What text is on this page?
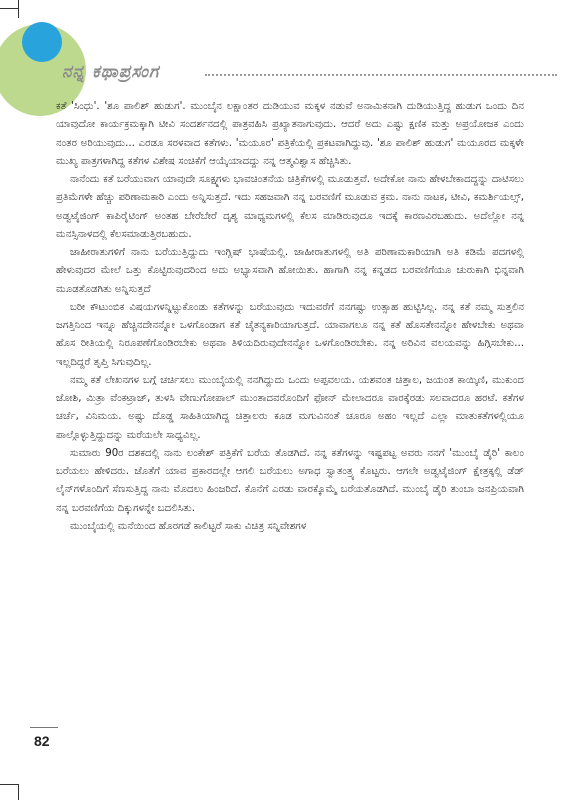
ನನ್ನ ಕಥಾಪ್ರಸಂಗ

ಕತೆ 'ಸಿಂಧು'. 'ಶೂ ಪಾಲಿಶ್ ಹುಡುಗ'. ಮುಂಬೈನ ಲಕ್ಷಾಂತರ ದುಡಿಯುವ ಮಕ್ಕಳ ನಡುವೆ ಅನಾಮಿಕನಾಗಿ ದುಡಿಯುತ್ತಿದ್ದ ಹುಡುಗ ಒಂದು ದಿನ ಯಾವುದೋ ಕಾರ್ಯಕ್ರಮಕ್ಕಾಗಿ ಟೀವಿ ಸಂದರ್ಶನದಲ್ಲಿ ಪಾತ್ರವಹಿಸಿ ಪ್ರಖ್ಯಾತನಾಗುವುದು. ಆದರೆ ಅದು ಎಷ್ಟು ಕ್ಷಣಿಕ ಮತ್ತು ಅಪ್ರಯೋಜಕ ಎಂದು ನಂತರ ಅರಿಯುವುದು... ಎರಡೂ ಸರಳವಾದ ಕತೆಗಳು. 'ಮಯೂರ' ಪತ್ರಿಕೆಯಲ್ಲಿ ಪ್ರಕಟವಾಗಿದ್ದುವು. 'ಶೂ ಪಾಲಿಶ್ ಹುಡುಗ' ಮಯೂರದ ಮಕ್ಕಳೇ ಮುಖ್ಯ ಪಾತ್ರಗಳಾಗಿದ್ದ ಕತೆಗಳ ವಿಶೇಷ ಸಂಚಿಕೆಗೆ ಆಯ್ಕೆಯಾದದ್ದು ನನ್ನ ಆತ್ಮವಿಶ್ವಾಸ ಹೆಚ್ಚಿಸಿತು.

ನಾನೆಂದು ಕತೆ ಬರೆಯುವಾಗ ಯಾವುದೇ ಸೂಕ್ಷ್ಮಗಳು ಭಾವಚಿಂತನೆಯ ಚಿತ್ರಿಕೆಗಳಲ್ಲಿ ಮೂಡುತ್ತವೆ. ಅದೇಕೋ ನಾನು ಹೇಳಬೇಕಾದದ್ದನ್ನು ದಾಟಿಸಲು ಪ್ರತಿಮೆಗಳೇ ಹೆಚ್ಚು ಪರಿಣಾಮಕಾರಿ ಎಂದು ಅನ್ನಿಸುತ್ತದೆ. ಇದು ಸಹಜವಾಗಿ ನನ್ನ ಬರವಣಿಗೆ ಮೂಡುವ ಕ್ರಮ. ನಾನು ನಾಟಕ, ಟೀವಿ, ಕಮರ್ಶಿಯಲ್ಸ್, ಅಡ್ವಟೈಜಿಂಗ್ ಕಾಪಿರೈಟಿಂಗ್ ಅಂತಹ ಬೇರೆಬೇರೆ ದೃಶ್ಯ ಮಾಧ್ಯಮಗಳಲ್ಲಿ ಕೆಲಸ ಮಾಡಿರುವುದೂ ಇದಕ್ಕೆ ಕಾರಣವಿರಬಹುದು. ಅದೆಲ್ಲೋ ನನ್ನ ಮನಸ್ಸಿನಾಳದಲ್ಲಿ ಕೆಲಸಮಾಡುತ್ತಿರಬಹುದು.

ಜಾಹೀರಾತುಗಳಿಗೆ ನಾನು ಬರೆಯುತ್ತಿದ್ದುದು ಇಂಗ್ಲಿಷ್ ಭಾಷೆಯಲ್ಲಿ. ಜಾಹೀರಾತುಗಳಲ್ಲಿ ಅತಿ ಪರಿಣಾಮಕಾರಿಯಾಗಿ ಅತಿ ಕಡಿಮೆ ಪದಗಳಲ್ಲಿ ಹೇಳುವುದರ ಮೇಲೆ ಒತ್ತು ಕೊಟ್ಟಿರುವುದರಿಂದ ಅದು ಅಭ್ಯಾಸವಾಗಿ ಹೋಯಿತು. ಹಾಗಾಗಿ ನನ್ನ ಕನ್ನಡದ ಬರವಣಿಗೆಯೂ ಚುರುಕಾಗಿ ಭಿನ್ನವಾಗಿ ಮೂಡತೊಡಗಿತು ಅನ್ನಿಸುತ್ತದೆ

ಬರೀ ಕೌಟುಂಬಿಕ ವಿಷಯಗಳನ್ನಿಟ್ಟುಕೊಂಡು ಕತೆಗಳನ್ನು ಬರೆಯುವುದು ಇದುವರೆಗೆ ನನಗಷ್ಟು ಉತ್ಸಾಹ ಹುಟ್ಟಿಸಿಲ್ಲ. ನನ್ನ ಕತೆ ನಮ್ಮ ಸುತ್ತಲಿನ ಜಗತ್ತಿನಿಂದ ಇನ್ನೂ ಹೆಚ್ಚಿನದೇನನ್ನೋ ಒಳಗೊಂಡಾಗ ಕತೆ ಚೈತನ್ಯಕಾರಿಯಾಗುತ್ತದೆ. ಯಾವಾಗಲೂ ನನ್ನ ಕತೆ ಹೊಸತೇನನ್ನೋ ಹೇಳಬೇಕು ಅಥವಾ ಹೊಸ ರೀತಿಯಲ್ಲಿ ನಿರೂಪಣೆಗೊಂಡಿರಬೇಕು ಅಥವಾ ತಿಳಿಯದಿರುವುದೇನನ್ನೋ ಒಳಗೊಂಡಿರಬೇಕು. ನನ್ನ ಅರಿವಿನ ವಲಯವನ್ನು ಹಿಗ್ಗಿಸಬೇಕು... ಇಲ್ಲದಿದ್ದರೆ ತೃಪ್ತಿ ಸಿಗುವುದಿಲ್ಲ.

ನಮ್ಮ ಕತೆ ಲೇಖನಗಳ ಬಗ್ಗೆ ಚರ್ಚಿಸಲು ಮುಂಬೈಯಲ್ಲಿ ನನಗಿದ್ದುದು ಒಂದು ಅಪ್ಪವಲಯ. ಯಶವಂತ ಚಿತ್ತಾಲ, ಜಯಂತ ಕಾಯ್ಕಿಣಿ, ಮುಕುಂದ ಜೋಶಿ, ಮಿತ್ರಾ ವೆಂಕಟ್ರಾಜ್, ತುಳಸಿ ವೇಣುಗೋಪಾಲ್ ಮುಂತಾದವರೊಂದಿಗೆ ಫೋನ್ ಮೇಲಾದರೂ ವಾರಕ್ಕೆರಡು ಸಲವಾದರೂ ಹರಟೆ. ಕತೆಗಳ ಚರ್ಚೆ, ವಿನಿಮಯ. ಅಷ್ಟು ದೊಡ್ಡ ಸಾಹಿತಿಯಾಗಿದ್ದ ಚಿತ್ತಾಲರು ಕೂಡ ಮಗುವಿನಂತೆ ಚೂರೂ ಅಹಂ ಇಲ್ಲದೆ ಎಲ್ಲಾ ಮಾತುಕತೆಗಳಲ್ಲಿಯೂ ಪಾಲ್ಗೊಳ್ಳುತ್ತಿದ್ದುದನ್ನು ಮರೆಯಲೇ ಸಾಧ್ಯವಿಲ್ಲ.

ಸುಮಾರು 90ರ ದಶಕದಲ್ಲಿ ನಾನು ಲಂಕೇಶ್ ಪತ್ರಿಕೆಗೆ ಬರೆಯ ತೊಡಗಿದೆ. ನನ್ನ ಕತೆಗಳನ್ನು ಇಷ್ಟಪಟ್ಟ ಅವರು ನನಗೆ 'ಮುಂಬೈ ಡೈರಿ' ಕಾಲಂ ಬರೆಯಲು ಹೇಳಿದರು. ಜೊತೆಗೆ ಯಾವ ಪ್ರಕಾರದಲ್ಲೇ ಆಗಲಿ ಬರೆಯಲು ಅಗಾಧ ಸ್ವಾತಂತ್ರ್ಯ ಕೊಟ್ಟರು. ಆಗಲೇ ಅಡ್ವಟೈಜಿಂಗ್ ಕ್ಷೇತ್ರಕ್ಕಲ್ಲಿ ಡೆಡ್ ಲೈನ್‌ಗಳೊಂದಿಗೆ ಸೆಣಸುತ್ತಿದ್ದ ನಾನು ಮೊದಲು ಹಿಂಜರಿದೆ. ಕೊನೆಗೆ ಎರಡು ವಾರಕ್ಕೊಮ್ಮೆ ಬರೆಯತೊಡಗಿದೆ. ಮುಂಬೈ ಡೈರಿ ತುಂಬಾ ಜನಪ್ರಿಯವಾಗಿ ನನ್ನ ಬರವಣಿಗೆಯ ದಿಕ್ಕುಗಳನ್ನೇ ಬದಲಿಸಿತು.

ಮುಂಬೈಯಲ್ಲಿ ಮನೆಯಿಂದ ಹೊರಗಡೆ ಕಾಲಿಟ್ಟರೆ ಸಾಕು ವಿಚಿತ್ರ ಸನ್ನಿವೇಶಗಳ

82
